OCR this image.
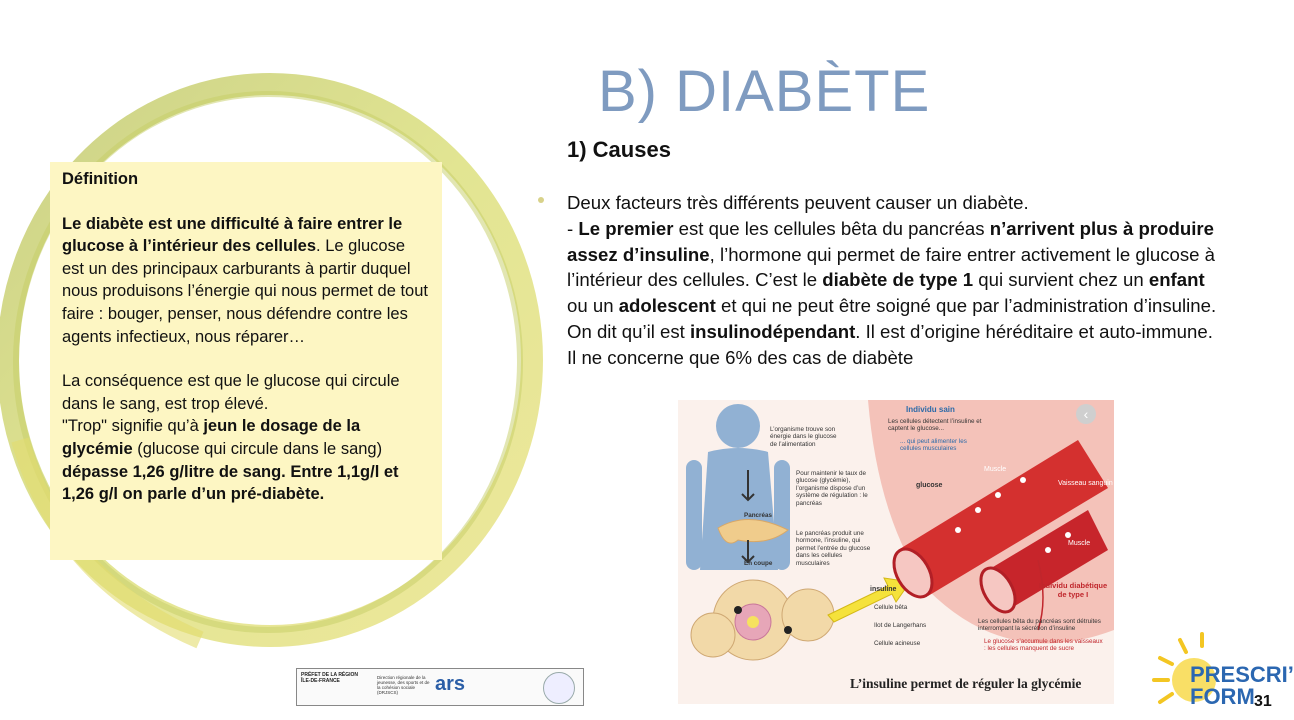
Définition

Le diabète est une difficulté à faire entrer le glucose à l’intérieur des cellules. Le glucose est un des principaux carburants à partir duquel nous produisons l’énergie qui nous permet de tout faire : bouger, penser, nous défendre contre les agents infectieux, nous réparer…

La conséquence est que le glucose qui circule dans le sang, est trop élevé.
"Trop" signifie qu’à jeun le dosage de la glycémie (glucose qui circule dans le sang) dépasse 1,26 g/litre de sang. Entre 1,1g/l et 1,26 g/l on parle d’un pré-diabète.

B) DIABÈTE
1) Causes

Deux facteurs très différents peuvent causer un diabète.

- Le premier est que les cellules bêta du pancréas n’arrivent plus à produire assez d’insuline, l’hormone qui permet de faire entrer activement le glucose à l’intérieur des cellules. C’est le diabète de type 1 qui survient chez un enfant ou un adolescent et qui ne peut être soigné que par l’administration d’insuline. On dit qu’il est insulinodépendant. Il est d’origine héréditaire et auto-immune. Il ne concerne que 6% des cas de diabète

L’organisme trouve son énergie dans le glucose de l’alimentation
Pour maintenir le taux de glucose (glycémie), l’organisme dispose d’un système de régulation : le pancréas
Pancréas
En coupe
Le pancréas produit une hormone, l’insuline, qui permet l’entrée du glucose dans les cellules musculaires
insuline
Cellule bêta
Ilot de Langerhans
Cellule acineuse
Individu sain
Les cellules détectent l’insuline et captent le glucose...
... qui peut alimenter les cellules musculaires
glucose
Muscle
Vaisseau sanguin
Muscle
Individu diabétique de type I
Les cellules bêta du pancréas sont détruites interrompant la sécrétion d’insuline
Le glucose s’accumule dans les vaisseaux : les cellules manquent de sucre
L’insuline permet de réguler la glycémie
‹
PRÉFET DE LA RÉGION ÎLE-DE-FRANCE	Direction régionale de la jeunesse, des sports et de la cohésion sociale (DRJSCS)	ars	PRESCRI’
FORM 31
